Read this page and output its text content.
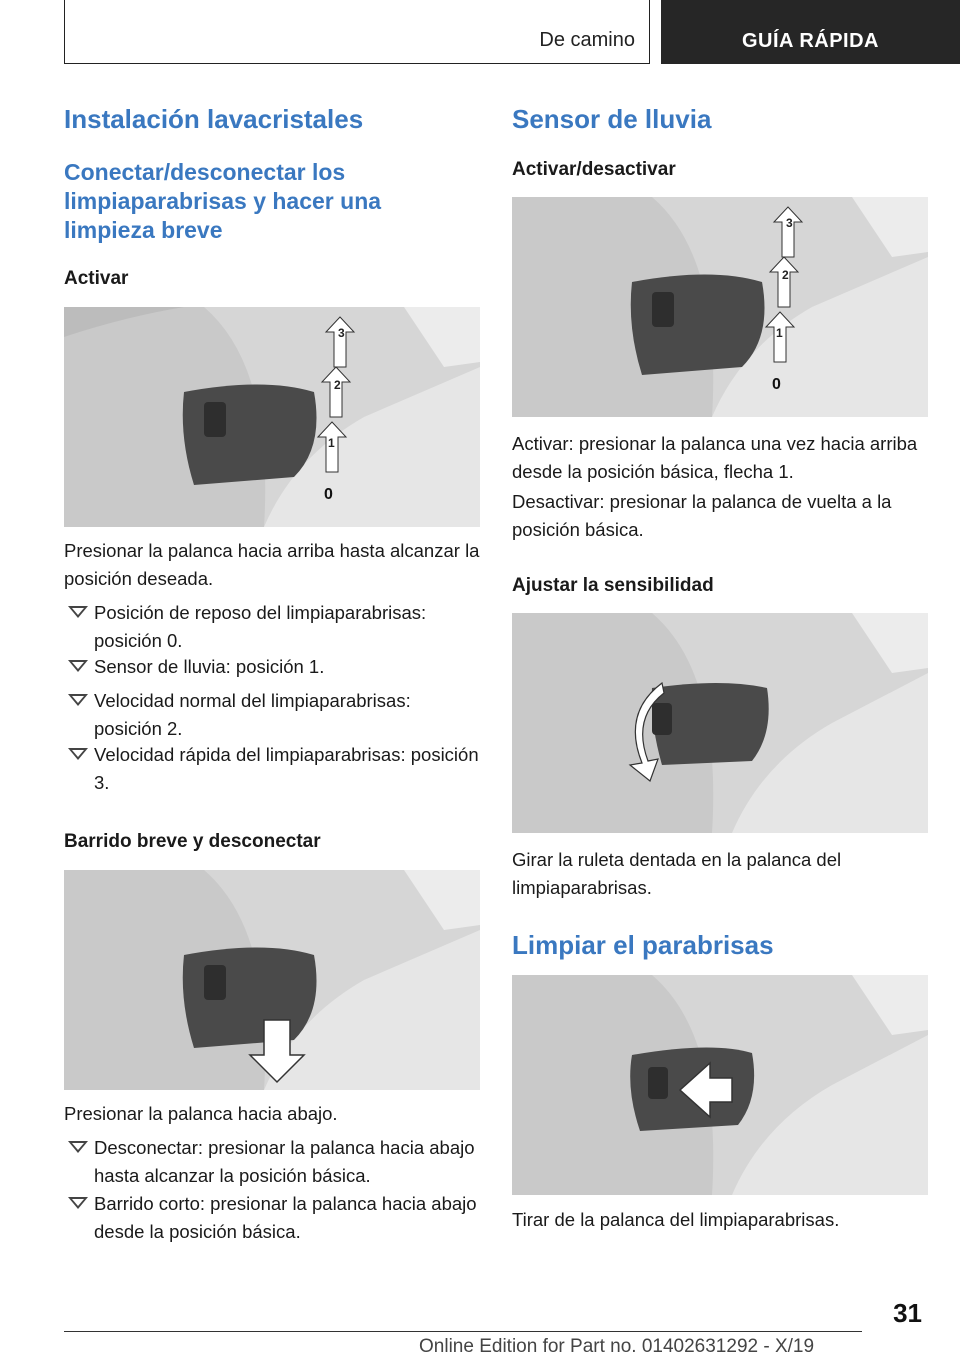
De camino	GUÍA RÁPIDA
Instalación lavacristales
Conectar/desconectar los limpiaparabrisas y hacer una limpieza breve
Activar
3
2
1
0

Presionar la palanca hacia arriba hasta alcanzar la posición deseada.

Posición de reposo del limpiaparabrisas: posición 0.
Sensor de lluvia: posición 1.
Velocidad normal del limpiaparabrisas: posición 2.
Velocidad rápida del limpiaparabrisas: posición 3.
Barrido breve y desconectar

Presionar la palanca hacia abajo.

Desconectar: presionar la palanca hacia abajo hasta alcanzar la posición básica.
Barrido corto: presionar la palanca hacia abajo desde la posición básica.
Sensor de lluvia
Activar/desactivar
3
2
1
0

Activar: presionar la palanca una vez hacia arriba desde la posición básica, flecha 1.

Desactivar: presionar la palanca de vuelta a la posición básica.

Ajustar la sensibilidad

Girar la ruleta dentada en la palanca del limpiaparabrisas.

Limpiar el parabrisas

Tirar de la palanca del limpiaparabrisas.

31
Online Edition for Part no. 01402631292 - X/19
